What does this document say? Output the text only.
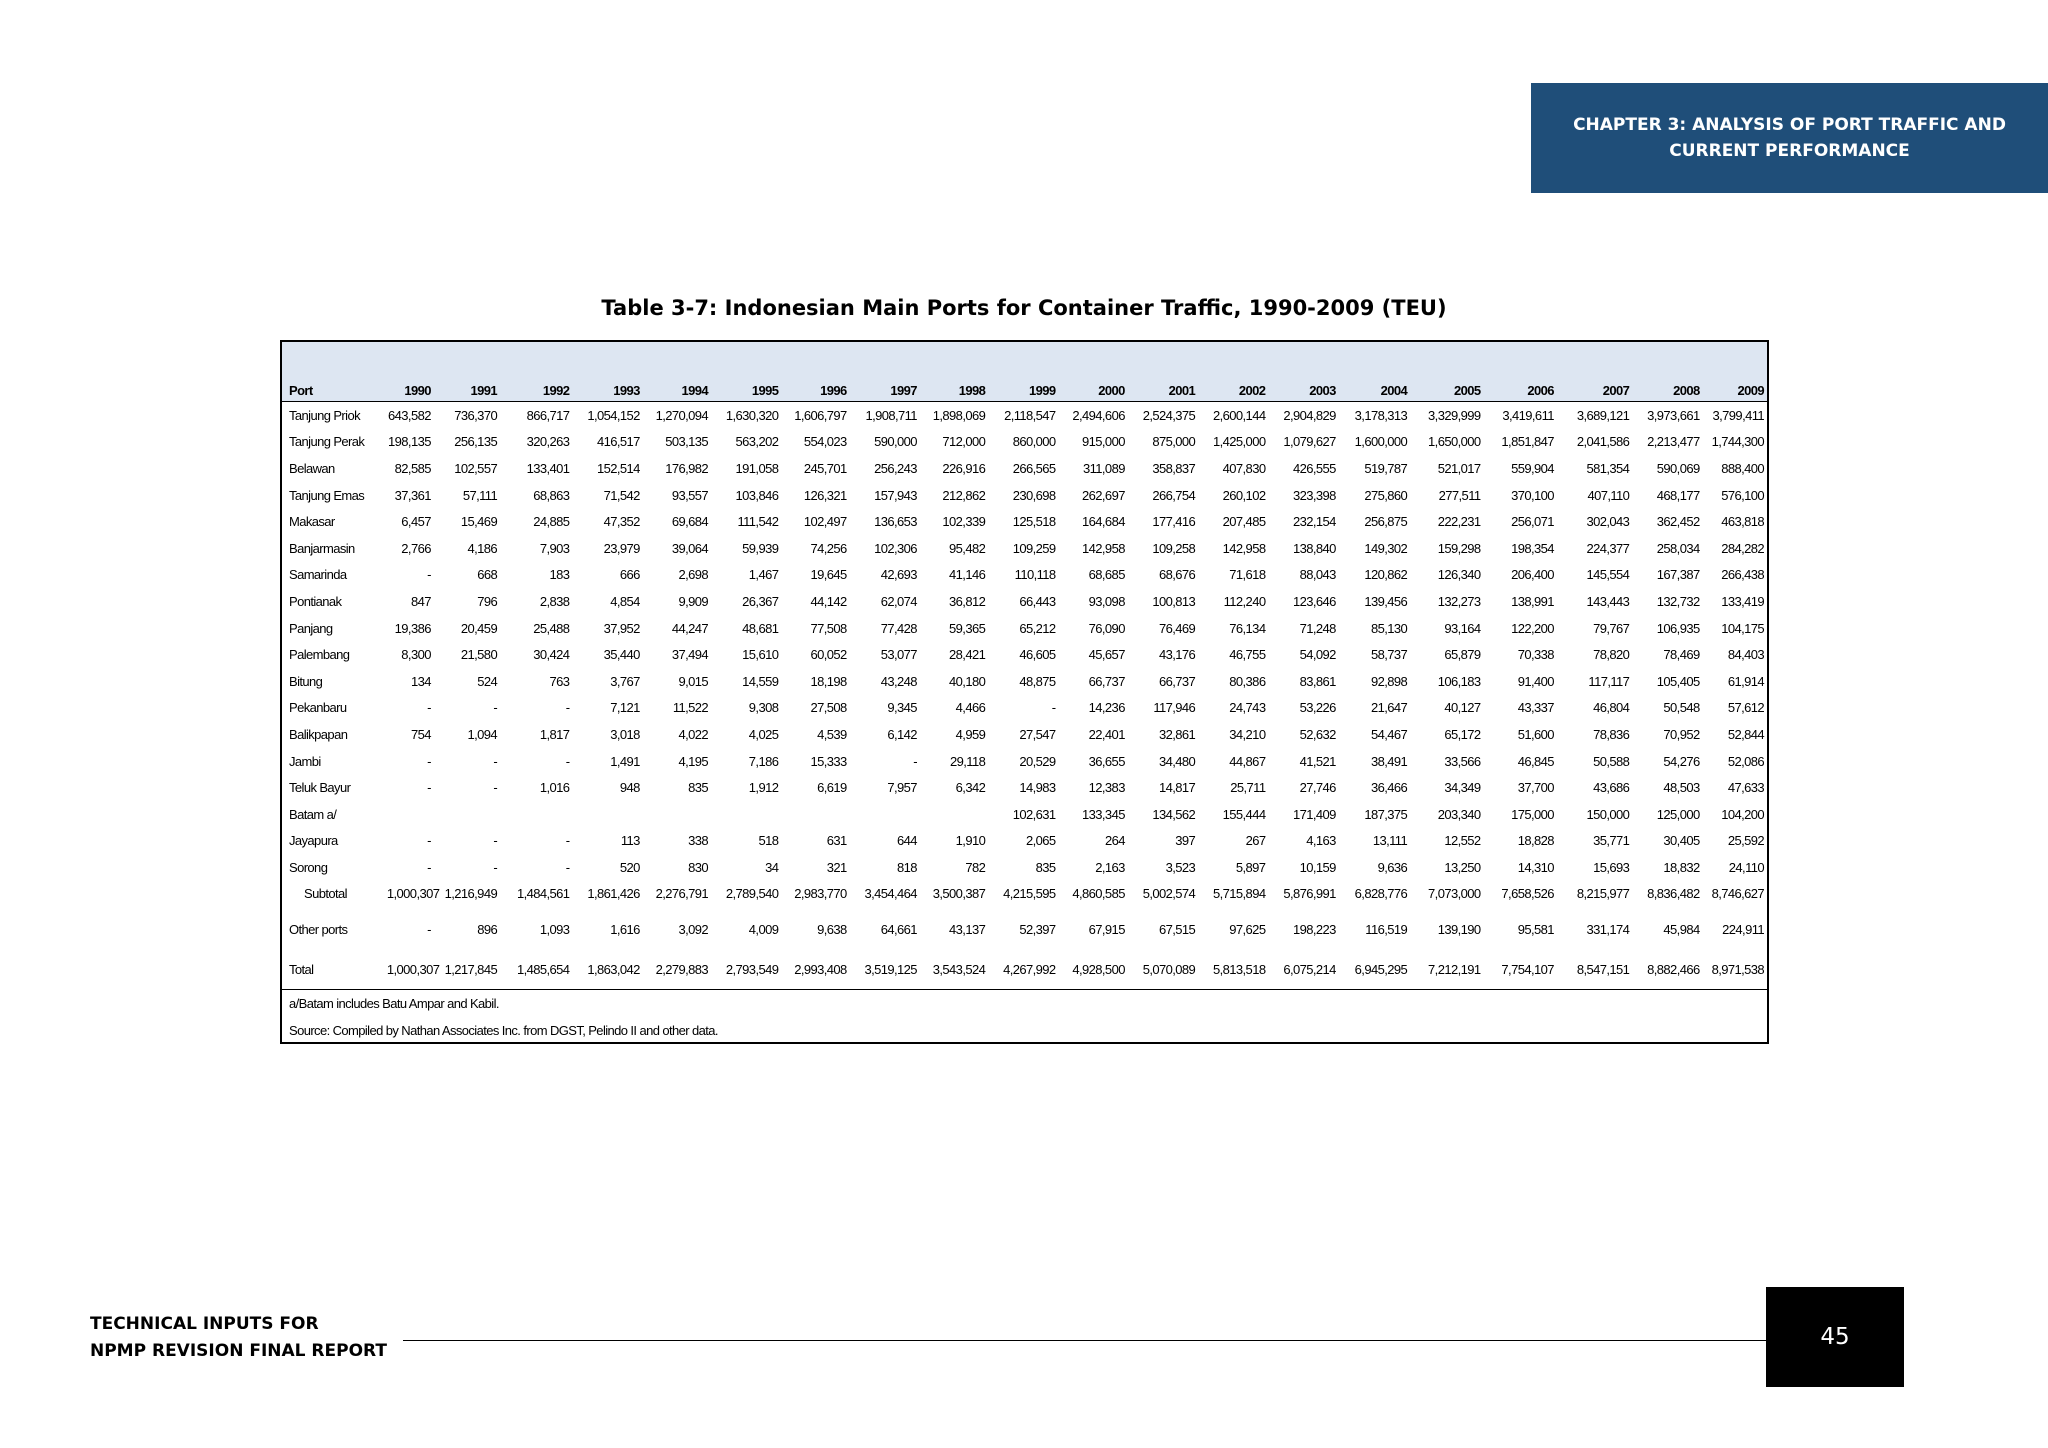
CHAPTER 3: ANALYSIS OF PORT TRAFFIC AND
CURRENT PERFORMANCE
Table 3-7: Indonesian Main Ports for Container Traffic, 1990-2009 (TEU)
Port	1990	1991	1992	1993	1994	1995	1996	1997	1998	1999	2000	2001	2002	2003	2004	2005	2006	2007	2008	2009
Tanjung Priok	643,582	736,370	866,717	1,054,152	1,270,094	1,630,320	1,606,797	1,908,711	1,898,069	2,118,547	2,494,606	2,524,375	2,600,144	2,904,829	3,178,313	3,329,999	3,419,611	3,689,121	3,973,661	3,799,411
Tanjung Perak	198,135	256,135	320,263	416,517	503,135	563,202	554,023	590,000	712,000	860,000	915,000	875,000	1,425,000	1,079,627	1,600,000	1,650,000	1,851,847	2,041,586	2,213,477	1,744,300
Belawan	82,585	102,557	133,401	152,514	176,982	191,058	245,701	256,243	226,916	266,565	311,089	358,837	407,830	426,555	519,787	521,017	559,904	581,354	590,069	888,400
Tanjung Emas	37,361	57,111	68,863	71,542	93,557	103,846	126,321	157,943	212,862	230,698	262,697	266,754	260,102	323,398	275,860	277,511	370,100	407,110	468,177	576,100
Makasar	6,457	15,469	24,885	47,352	69,684	111,542	102,497	136,653	102,339	125,518	164,684	177,416	207,485	232,154	256,875	222,231	256,071	302,043	362,452	463,818
Banjarmasin	2,766	4,186	7,903	23,979	39,064	59,939	74,256	102,306	95,482	109,259	142,958	109,258	142,958	138,840	149,302	159,298	198,354	224,377	258,034	284,282
Samarinda	-	668	183	666	2,698	1,467	19,645	42,693	41,146	110,118	68,685	68,676	71,618	88,043	120,862	126,340	206,400	145,554	167,387	266,438
Pontianak	847	796	2,838	4,854	9,909	26,367	44,142	62,074	36,812	66,443	93,098	100,813	112,240	123,646	139,456	132,273	138,991	143,443	132,732	133,419
Panjang	19,386	20,459	25,488	37,952	44,247	48,681	77,508	77,428	59,365	65,212	76,090	76,469	76,134	71,248	85,130	93,164	122,200	79,767	106,935	104,175
Palembang	8,300	21,580	30,424	35,440	37,494	15,610	60,052	53,077	28,421	46,605	45,657	43,176	46,755	54,092	58,737	65,879	70,338	78,820	78,469	84,403
Bitung	134	524	763	3,767	9,015	14,559	18,198	43,248	40,180	48,875	66,737	66,737	80,386	83,861	92,898	106,183	91,400	117,117	105,405	61,914
Pekanbaru	-	-	-	7,121	11,522	9,308	27,508	9,345	4,466	-	14,236	117,946	24,743	53,226	21,647	40,127	43,337	46,804	50,548	57,612
Balikpapan	754	1,094	1,817	3,018	4,022	4,025	4,539	6,142	4,959	27,547	22,401	32,861	34,210	52,632	54,467	65,172	51,600	78,836	70,952	52,844
Jambi	-	-	-	1,491	4,195	7,186	15,333	-	29,118	20,529	36,655	34,480	44,867	41,521	38,491	33,566	46,845	50,588	54,276	52,086
Teluk Bayur	-	-	1,016	948	835	1,912	6,619	7,957	6,342	14,983	12,383	14,817	25,711	27,746	36,466	34,349	37,700	43,686	48,503	47,633
Batam a/										102,631	133,345	134,562	155,444	171,409	187,375	203,340	175,000	150,000	125,000	104,200
Jayapura	-	-	-	113	338	518	631	644	1,910	2,065	264	397	267	4,163	13,111	12,552	18,828	35,771	30,405	25,592
Sorong	-	-	-	520	830	34	321	818	782	835	2,163	3,523	5,897	10,159	9,636	13,250	14,310	15,693	18,832	24,110
Subtotal	1,000,307	1,216,949	1,484,561	1,861,426	2,276,791	2,789,540	2,983,770	3,454,464	3,500,387	4,215,595	4,860,585	5,002,574	5,715,894	5,876,991	6,828,776	7,073,000	7,658,526	8,215,977	8,836,482	8,746,627
Other ports	-	896	1,093	1,616	3,092	4,009	9,638	64,661	43,137	52,397	67,915	67,515	97,625	198,223	116,519	139,190	95,581	331,174	45,984	224,911
Total	1,000,307	1,217,845	1,485,654	1,863,042	2,279,883	2,793,549	2,993,408	3,519,125	3,543,524	4,267,992	4,928,500	5,070,089	5,813,518	6,075,214	6,945,295	7,212,191	7,754,107	8,547,151	8,882,466	8,971,538
a/Batam includes Batu Ampar and Kabil.
Source: Compiled by Nathan Associates Inc. from DGST, Pelindo II and other data.
TECHNICAL INPUTS FOR
NPMP REVISION FINAL REPORT
45
